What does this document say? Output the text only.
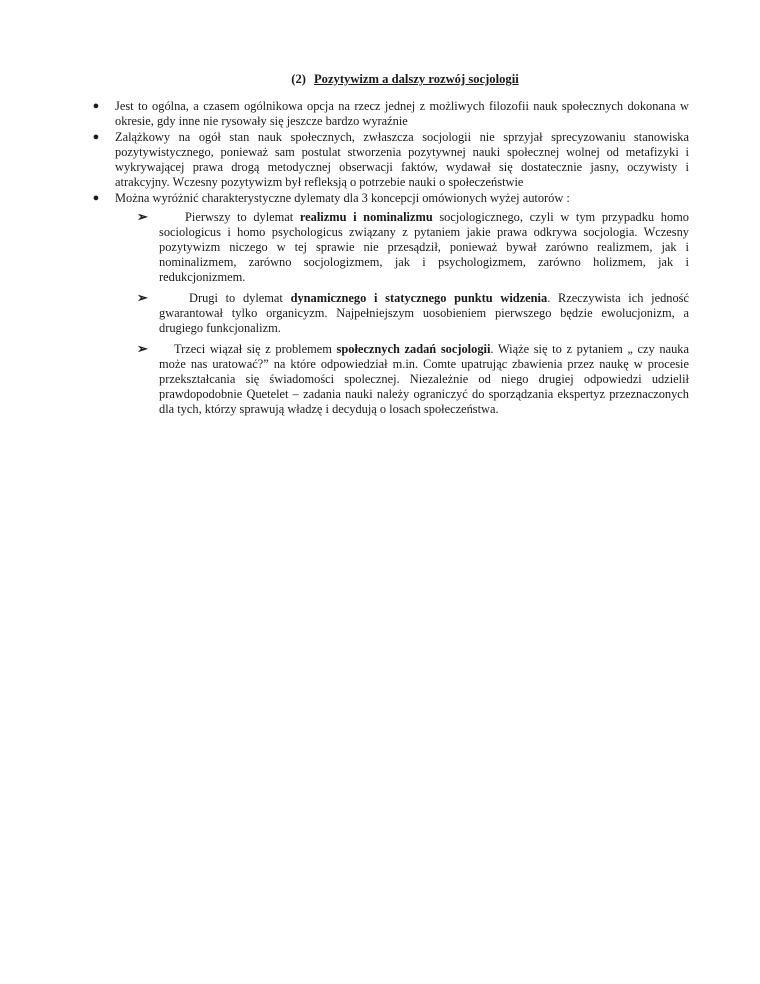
(2) Pozytywizm a dalszy rozwój socjologii
● Jest to ogólna, a czasem ogólnikowa opcja na rzecz jednej z możliwych filozofii nauk społecznych dokonana w okresie, gdy inne nie rysowały się jeszcze bardzo wyraźnie
● Zalążkowy na ogół stan nauk społecznych, zwłaszcza socjologii nie sprzyjał sprecyzowaniu stanowiska pozytywistycznego, ponieważ sam postulat stworzenia pozytywnej nauki społecznej wolnej od metafizyki i wykrywającej prawa drogą metodycznej obserwacji faktów, wydawał się dostatecznie jasny, oczywisty i atrakcyjny. Wczesny pozytywizm był refleksją o potrzebie nauki o społeczeństwie
● Można wyróżnić charakterystyczne dylematy dla 3 koncepcji omówionych wyżej autorów :
➢	Pierwszy to dylemat realizmu i nominalizmu socjologicznego, czyli w tym przypadku homo sociologicus i homo psychologicus związany z pytaniem jakie prawa odkrywa socjologia. Wczesny pozytywizm niczego w tej sprawie nie przesądził, ponieważ bywał zarówno realizmem, jak i nominalizmem, zarówno socjologizmem, jak i psychologizmem, zarówno holizmem, jak i redukcjonizmem.
➢	Drugi to dylemat dynamicznego i statycznego punktu widzenia. Rzeczywista ich jedność gwarantował tylko organicyzm. Najpełniejszym uosobieniem pierwszego będzie ewolucjonizm, a drugiego funkcjonalizm.
➢ Trzeci wiązał się z problemem społecznych zadań socjologii. Wiąże się to z pytaniem „ czy nauka może nas uratować?” na które odpowiedział m.in. Comte upatrując zbawienia przez naukę w procesie przekształcania się świadomości spolecznej. Niezależnie od niego drugiej odpowiedzi udzielił prawdopodobnie Quetelet – zadania nauki należy ograniczyć do sporządzania ekspertyz przeznaczonych dla tych, którzy sprawują władzę i decydują o losach społeczeństwa.
